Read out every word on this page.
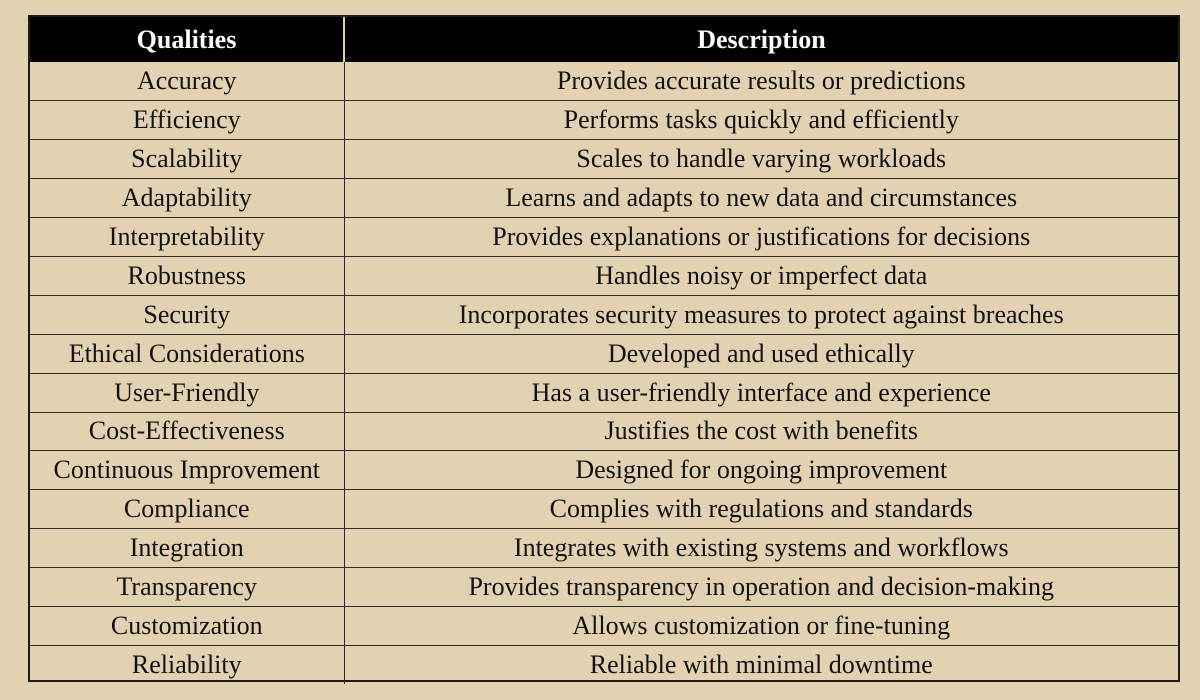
Qualities	Description
Accuracy	Provides accurate results or predictions
Efficiency	Performs tasks quickly and efficiently
Scalability	Scales to handle varying workloads
Adaptability	Learns and adapts to new data and circumstances
Interpretability	Provides explanations or justifications for decisions
Robustness	Handles noisy or imperfect data
Security	Incorporates security measures to protect against breaches
Ethical Considerations	Developed and used ethically
User-Friendly	Has a user-friendly interface and experience
Cost-Effectiveness	Justifies the cost with benefits
Continuous Improvement	Designed for ongoing improvement
Compliance	Complies with regulations and standards
Integration	Integrates with existing systems and workflows
Transparency	Provides transparency in operation and decision-making
Customization	Allows customization or fine-tuning
Reliability	Reliable with minimal downtime
